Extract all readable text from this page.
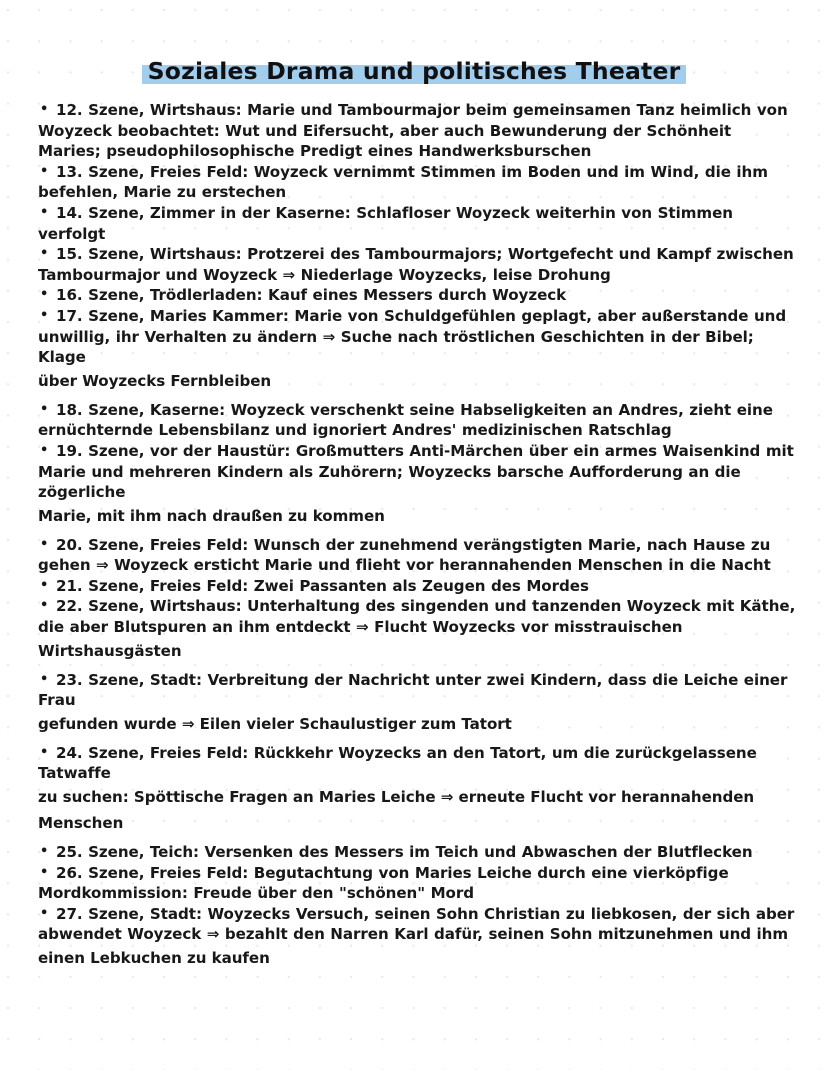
Soziales Drama und politisches Theater

• 12. Szene, Wirtshaus: Marie und Tambourmajor beim gemeinsamen Tanz heimlich von Woyzeck beobachtet: Wut und Eifersucht, aber auch Bewunderung der Schönheit Maries; pseudophilosophische Predigt eines Handwerksburschen

• 13. Szene, Freies Feld: Woyzeck vernimmt Stimmen im Boden und im Wind, die ihm befehlen, Marie zu erstechen

• 14. Szene, Zimmer in der Kaserne: Schlafloser Woyzeck weiterhin von Stimmen verfolgt

• 15. Szene, Wirtshaus: Protzerei des Tambourmajors; Wortgefecht und Kampf zwischen Tambourmajor und Woyzeck ⇒ Niederlage Woyzecks, leise Drohung

• 16. Szene, Trödlerladen: Kauf eines Messers durch Woyzeck

• 17. Szene, Maries Kammer: Marie von Schuldgefühlen geplagt, aber außerstande und unwillig, ihr Verhalten zu ändern ⇒ Suche nach tröstlichen Geschichten in der Bibel; Klage

über Woyzecks Fernbleiben

• 18. Szene, Kaserne: Woyzeck verschenkt seine Habseligkeiten an Andres, zieht eine ernüchternde Lebensbilanz und ignoriert Andres' medizinischen Ratschlag

• 19. Szene, vor der Haustür: Großmutters Anti-Märchen über ein armes Waisenkind mit Marie und mehreren Kindern als Zuhörern; Woyzecks barsche Aufforderung an die zögerliche

Marie, mit ihm nach draußen zu kommen

• 20. Szene, Freies Feld: Wunsch der zunehmend verängstigten Marie, nach Hause zu gehen ⇒ Woyzeck ersticht Marie und flieht vor herannahenden Menschen in die Nacht

• 21. Szene, Freies Feld: Zwei Passanten als Zeugen des Mordes

• 22. Szene, Wirtshaus: Unterhaltung des singenden und tanzenden Woyzeck mit Käthe, die aber Blutspuren an ihm entdeckt ⇒ Flucht Woyzecks vor misstrauischen

Wirtshausgästen

• 23. Szene, Stadt: Verbreitung der Nachricht unter zwei Kindern, dass die Leiche einer Frau

gefunden wurde ⇒ Eilen vieler Schaulustiger zum Tatort

• 24. Szene, Freies Feld: Rückkehr Woyzecks an den Tatort, um die zurückgelassene Tatwaffe

zu suchen: Spöttische Fragen an Maries Leiche ⇒ erneute Flucht vor herannahenden Menschen

• 25. Szene, Teich: Versenken des Messers im Teich und Abwaschen der Blutflecken

• 26. Szene, Freies Feld: Begutachtung von Maries Leiche durch eine vierköpfige Mordkommission: Freude über den "schönen" Mord

• 27. Szene, Stadt: Woyzecks Versuch, seinen Sohn Christian zu liebkosen, der sich aber abwendet Woyzeck ⇒ bezahlt den Narren Karl dafür, seinen Sohn mitzunehmen und ihm

einen Lebkuchen zu kaufen
